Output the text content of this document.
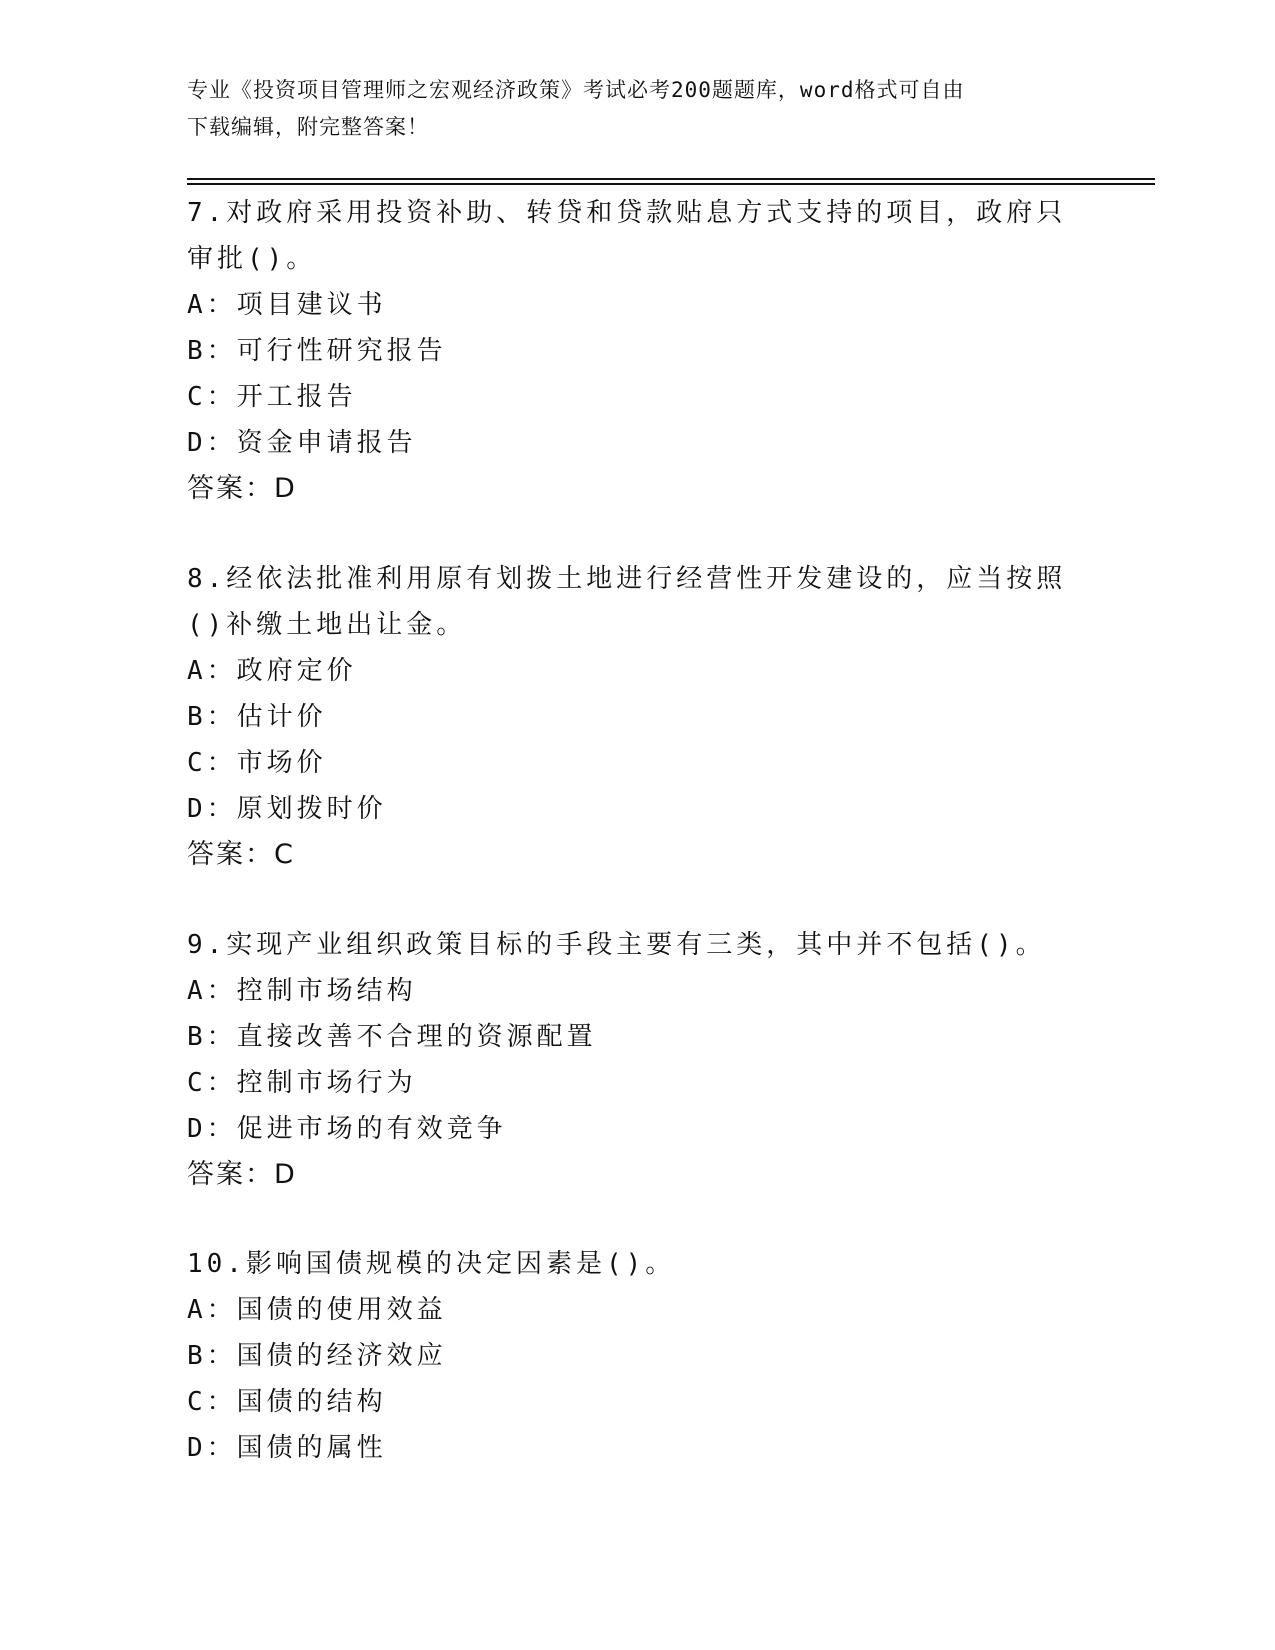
专业《投资项目管理师之宏观经济政策》考试必考200题题库，word格式可自由
下载编辑，附完整答案！
7.对政府采用投资补助、转贷和贷款贴息方式支持的项目，政府只审批()。
A：项目建议书
B：可行性研究报告
C：开工报告
D：资金申请报告
答案：D
8.经依法批准利用原有划拨土地进行经营性开发建设的，应当按照()补缴土地出让金。
A：政府定价
B：估计价
C：市场价
D：原划拨时价
答案：C
9.实现产业组织政策目标的手段主要有三类，其中并不包括()。
A：控制市场结构
B：直接改善不合理的资源配置
C：控制市场行为
D：促进市场的有效竞争
答案：D
10.影响国债规模的决定因素是()。
A：国债的使用效益
B：国债的经济效应
C：国债的结构
D：国债的属性
